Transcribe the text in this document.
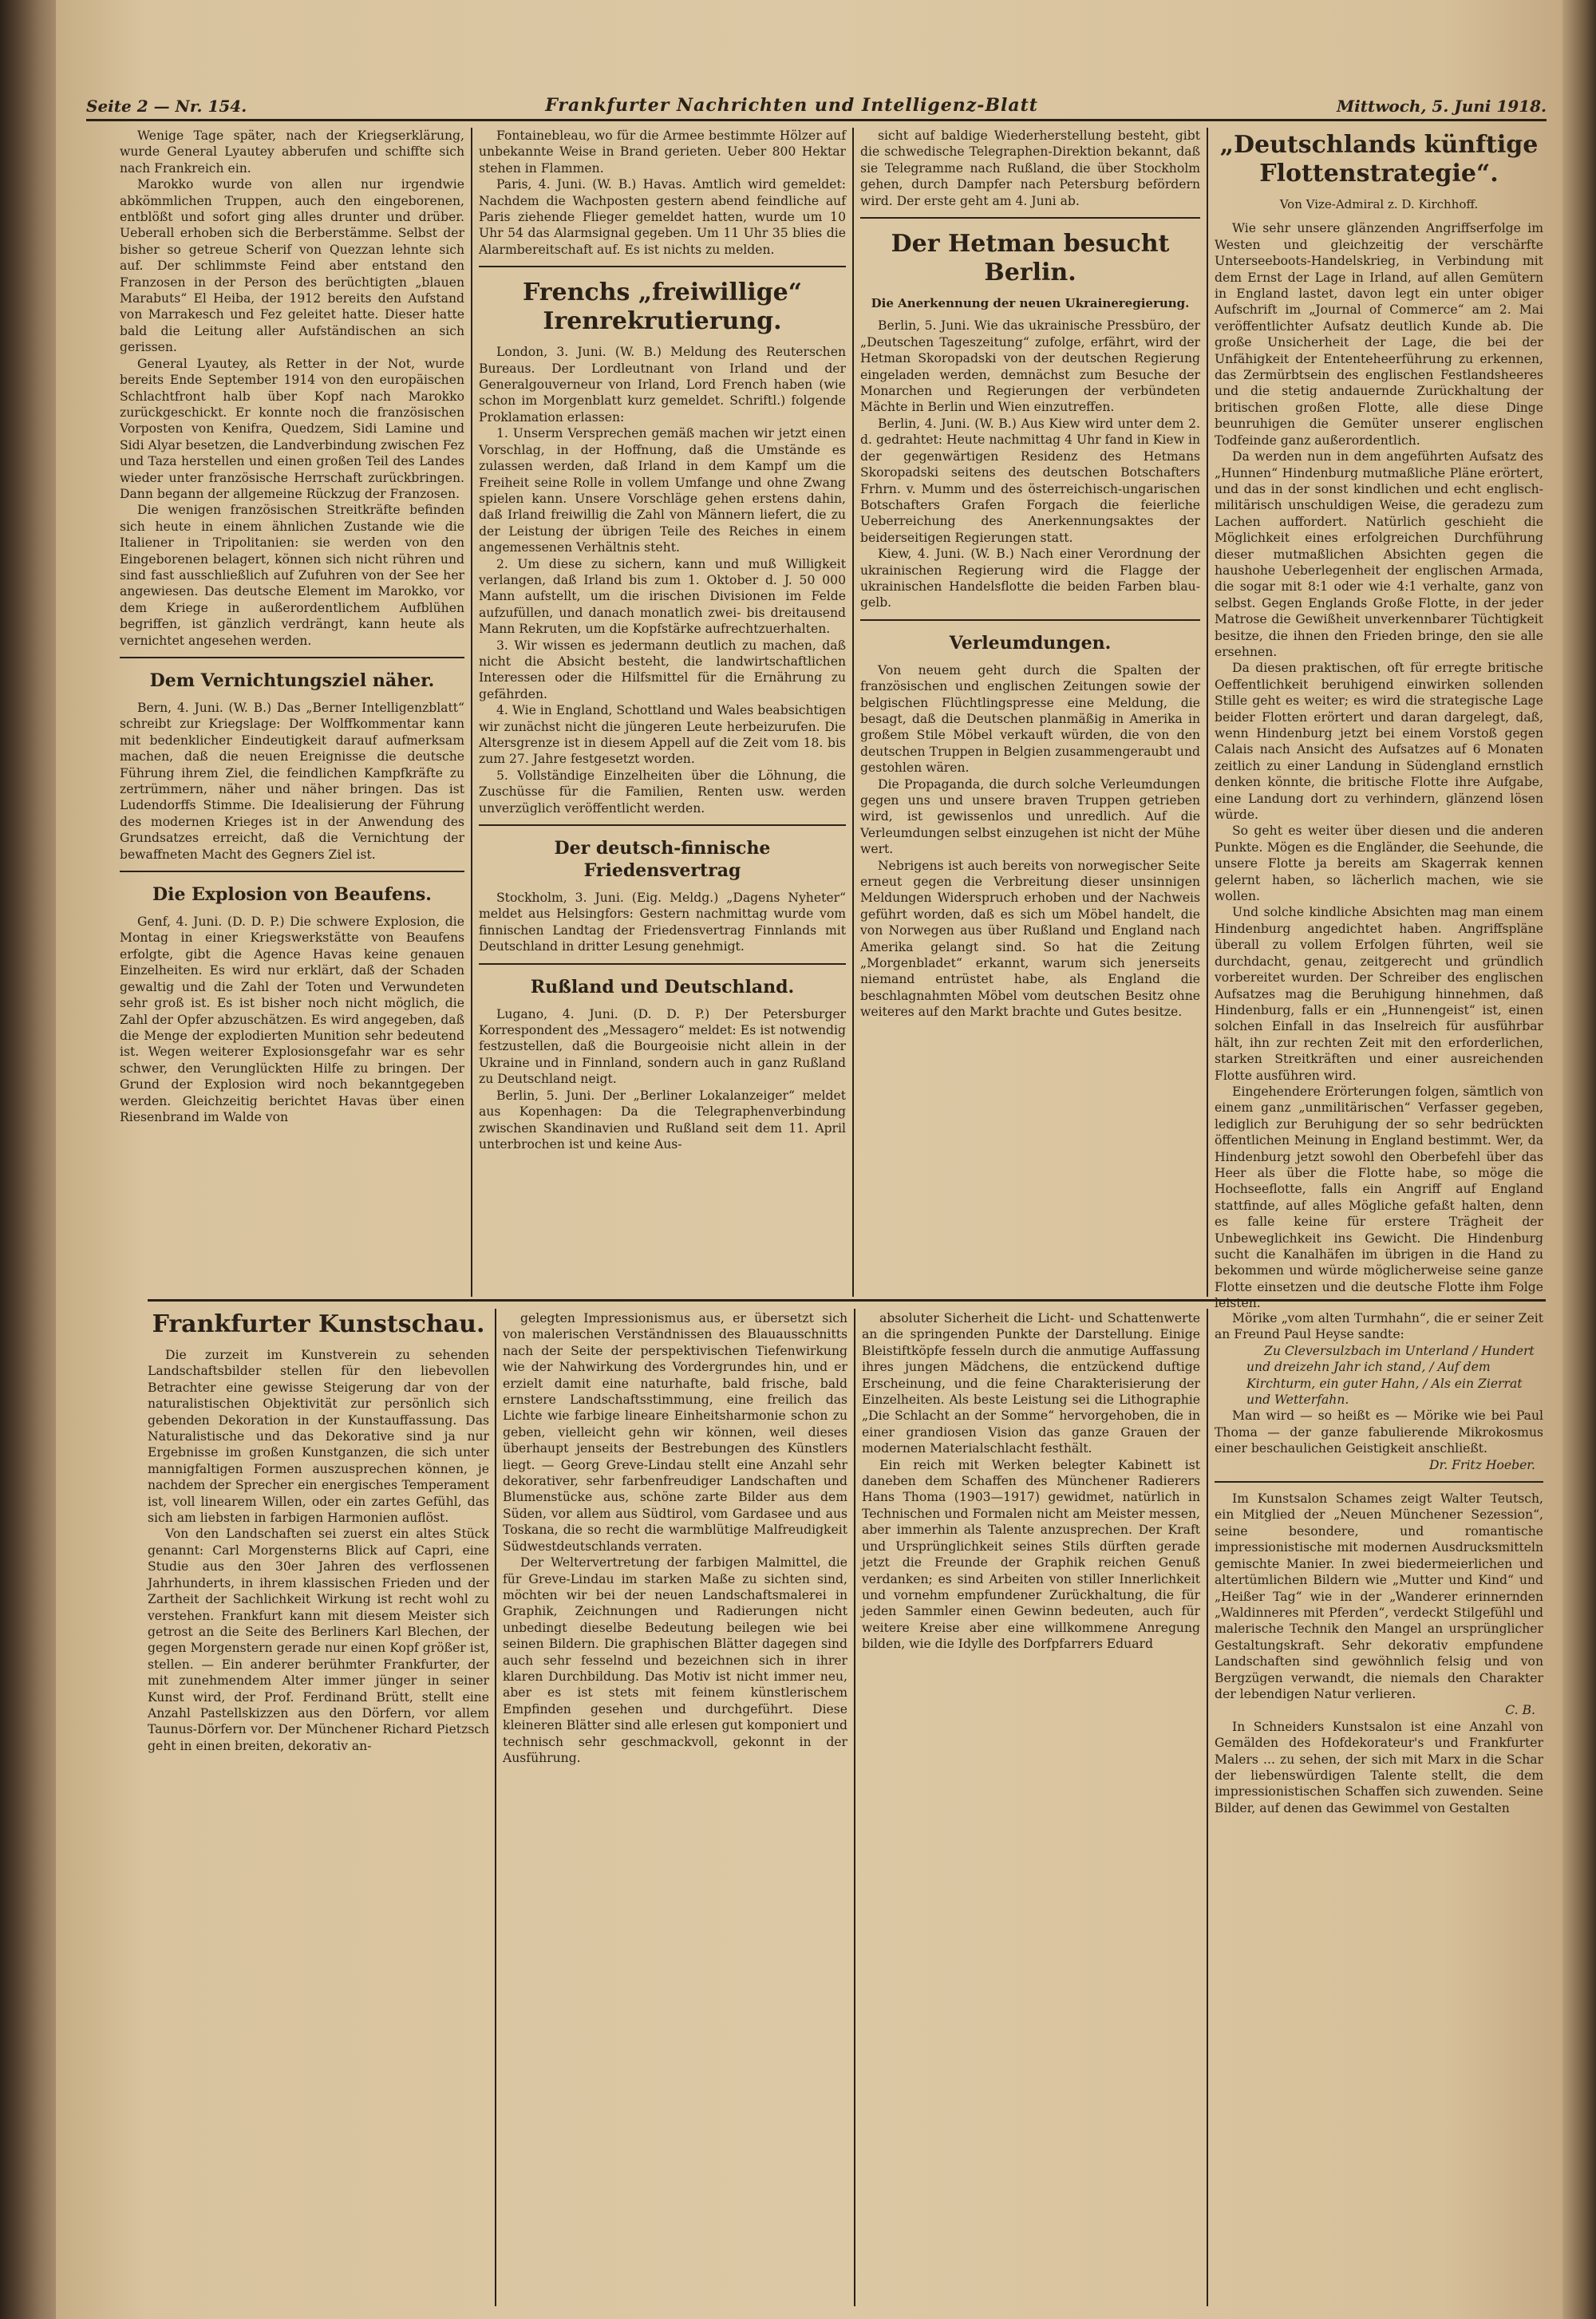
Seite 2 — Nr. 154.	Frankfurter Nachrichten und Intelligenz-Blatt	Mittwoch, 5. Juni 1918.

Wenige Tage später, nach der Kriegserklärung, wurde General Lyautey abberufen und schiffte sich nach Frankreich ein.

Marokko wurde von allen nur irgendwie abkömmlichen Truppen, auch den eingeborenen, entblößt und sofort ging alles drunter und drüber. Ueberall erhoben sich die Berberstämme. Selbst der bisher so getreue Scherif von Quezzan lehnte sich auf. Der schlimmste Feind aber entstand den Franzosen in der Person des berüchtigten „blauen Marabuts“ El Heiba, der 1912 bereits den Aufstand von Marrakesch und Fez geleitet hatte. Dieser hatte bald die Leitung aller Aufständischen an sich gerissen.

General Lyautey, als Retter in der Not, wurde bereits Ende September 1914 von den europäischen Schlachtfront halb über Kopf nach Marokko zurückgeschickt. Er konnte noch die französischen Vorposten von Kenifra, Quedzem, Sidi Lamine und Sidi Alyar besetzen, die Landverbindung zwischen Fez und Taza herstellen und einen großen Teil des Landes wieder unter französische Herrschaft zurückbringen. Dann begann der allgemeine Rückzug der Franzosen.

Die wenigen französischen Streitkräfte befinden sich heute in einem ähnlichen Zustande wie die Italiener in Tripolitanien: sie werden von den Eingeborenen belagert, können sich nicht rühren und sind fast ausschließlich auf Zufuhren von der See her angewiesen. Das deutsche Element im Marokko, vor dem Kriege in außerordentlichem Aufblühen begriffen, ist gänzlich verdrängt, kann heute als vernichtet angesehen werden.

Dem Vernichtungsziel näher.

Bern, 4. Juni. (W. B.) Das „Berner Intelligenzblatt“ schreibt zur Kriegslage: Der Wolffkommentar kann mit bedenklicher Eindeutigkeit darauf aufmerksam machen, daß die neuen Ereignisse die deutsche Führung ihrem Ziel, die feindlichen Kampfkräfte zu zertrümmern, näher und näher bringen. Das ist Ludendorffs Stimme. Die Idealisierung der Führung des modernen Krieges ist in der Anwendung des Grundsatzes erreicht, daß die Vernichtung der bewaffneten Macht des Gegners Ziel ist.

Die Explosion von Beaufens.

Genf, 4. Juni. (D. D. P.) Die schwere Explosion, die Montag in einer Kriegswerkstätte von Beaufens erfolgte, gibt die Agence Havas keine genauen Einzelheiten. Es wird nur erklärt, daß der Schaden gewaltig und die Zahl der Toten und Verwundeten sehr groß ist. Es ist bisher noch nicht möglich, die Zahl der Opfer abzuschätzen. Es wird angegeben, daß die Menge der explodierten Munition sehr bedeutend ist. Wegen weiterer Explosionsgefahr war es sehr schwer, den Verunglückten Hilfe zu bringen. Der Grund der Explosion wird noch bekanntgegeben werden. Gleichzeitig berichtet Havas über einen Riesenbrand im Walde von

Fontainebleau, wo für die Armee bestimmte Hölzer auf unbekannte Weise in Brand gerieten. Ueber 800 Hektar stehen in Flammen.

Paris, 4. Juni. (W. B.) Havas. Amtlich wird gemeldet: Nachdem die Wachposten gestern abend feindliche auf Paris ziehende Flieger gemeldet hatten, wurde um 10 Uhr 54 das Alarmsignal gegeben. Um 11 Uhr 35 blies die Alarmbereitschaft auf. Es ist nichts zu melden.

Frenchs „freiwillige“ Irenrekrutierung.

London, 3. Juni. (W. B.) Meldung des Reuterschen Bureaus. Der Lordleutnant von Irland und der Generalgouverneur von Irland, Lord French haben (wie schon im Morgenblatt kurz gemeldet. Schriftl.) folgende Proklamation erlassen:

1. Unserm Versprechen gemäß machen wir jetzt einen Vorschlag, in der Hoffnung, daß die Umstände es zulassen werden, daß Irland in dem Kampf um die Freiheit seine Rolle in vollem Umfange und ohne Zwang spielen kann. Unsere Vorschläge gehen erstens dahin, daß Irland freiwillig die Zahl von Männern liefert, die zu der Leistung der übrigen Teile des Reiches in einem angemessenen Verhältnis steht.

2. Um diese zu sichern, kann und muß Willigkeit verlangen, daß Irland bis zum 1. Oktober d. J. 50 000 Mann aufstellt, um die irischen Divisionen im Felde aufzufüllen, und danach monatlich zwei- bis dreitausend Mann Rekruten, um die Kopfstärke aufrechtzuerhalten.

3. Wir wissen es jedermann deutlich zu machen, daß nicht die Absicht besteht, die landwirtschaftlichen Interessen oder die Hilfsmittel für die Ernährung zu gefährden.

4. Wie in England, Schottland und Wales beabsichtigen wir zunächst nicht die jüngeren Leute herbeizurufen. Die Altersgrenze ist in diesem Appell auf die Zeit vom 18. bis zum 27. Jahre festgesetzt worden.

5. Vollständige Einzelheiten über die Löhnung, die Zuschüsse für die Familien, Renten usw. werden unverzüglich veröffentlicht werden.

Der deutsch-finnische Friedensvertrag

Stockholm, 3. Juni. (Eig. Meldg.) „Dagens Nyheter“ meldet aus Helsingfors: Gestern nachmittag wurde vom finnischen Landtag der Friedensvertrag Finnlands mit Deutschland in dritter Lesung genehmigt.

Rußland und Deutschland.

Lugano, 4. Juni. (D. D. P.) Der Petersburger Korrespondent des „Messagero“ meldet: Es ist notwendig festzustellen, daß die Bourgeoisie nicht allein in der Ukraine und in Finnland, sondern auch in ganz Rußland zu Deutschland neigt.

Berlin, 5. Juni. Der „Berliner Lokalanzeiger“ meldet aus Kopenhagen: Da die Telegraphenverbindung zwischen Skandinavien und Rußland seit dem 11. April unterbrochen ist und keine Aus-

sicht auf baldige Wiederherstellung besteht, gibt die schwedische Telegraphen-Direktion bekannt, daß sie Telegramme nach Rußland, die über Stockholm gehen, durch Dampfer nach Petersburg befördern wird. Der erste geht am 4. Juni ab.

Der Hetman besucht Berlin.
Die Anerkennung der neuen Ukraineregierung.

Berlin, 5. Juni. Wie das ukrainische Pressbüro, der „Deutschen Tageszeitung“ zufolge, erfährt, wird der Hetman Skoropadski von der deutschen Regierung eingeladen werden, demnächst zum Besuche der Monarchen und Regierungen der verbündeten Mächte in Berlin und Wien einzutreffen.

Berlin, 4. Juni. (W. B.) Aus Kiew wird unter dem 2. d. gedrahtet: Heute nachmittag 4 Uhr fand in Kiew in der gegenwärtigen Residenz des Hetmans Skoropadski seitens des deutschen Botschafters Frhrn. v. Mumm und des österreichisch-ungarischen Botschafters Grafen Forgach die feierliche Ueberreichung des Anerkennungsaktes der beiderseitigen Regierungen statt.

Kiew, 4. Juni. (W. B.) Nach einer Verordnung der ukrainischen Regierung wird die Flagge der ukrainischen Handelsflotte die beiden Farben blau-gelb.

Verleumdungen.

Von neuem geht durch die Spalten der französischen und englischen Zeitungen sowie der belgischen Flüchtlingspresse eine Meldung, die besagt, daß die Deutschen planmäßig in Amerika in großem Stile Möbel verkauft würden, die von den deutschen Truppen in Belgien zusammengeraubt und gestohlen wären.

Die Propaganda, die durch solche Verleumdungen gegen uns und unsere braven Truppen getrieben wird, ist gewissenlos und unredlich. Auf die Verleumdungen selbst einzugehen ist nicht der Mühe wert.

Nebrigens ist auch bereits von norwegischer Seite erneut gegen die Verbreitung dieser unsinnigen Meldungen Widerspruch erhoben und der Nachweis geführt worden, daß es sich um Möbel handelt, die von Norwegen aus über Rußland und England nach Amerika gelangt sind. So hat die Zeitung „Morgenbladet“ erkannt, warum sich jenerseits niemand entrüstet habe, als England die beschlagnahmten Möbel vom deutschen Besitz ohne weiteres auf den Markt brachte und Gutes besitze.

„Deutschlands künftige Flottenstrategie“.
Von Vize-Admiral z. D. Kirchhoff.

Wie sehr unsere glänzenden Angriffserfolge im Westen und gleichzeitig der verschärfte Unterseeboots-Handelskrieg, in Verbindung mit dem Ernst der Lage in Irland, auf allen Gemütern in England lastet, davon legt ein unter obiger Aufschrift im „Journal of Commerce“ am 2. Mai veröffentlichter Aufsatz deutlich Kunde ab. Die große Unsicherheit der Lage, die bei der Unfähigkeit der Ententeheerführung zu erkennen, das Zermürbtsein des englischen Festlandsheeres und die stetig andauernde Zurückhaltung der britischen großen Flotte, alle diese Dinge beunruhigen die Gemüter unserer englischen Todfeinde ganz außerordentlich.

Da werden nun in dem angeführten Aufsatz des „Hunnen“ Hindenburg mutmaßliche Pläne erörtert, und das in der sonst kindlichen und echt englisch-militärisch unschuldigen Weise, die geradezu zum Lachen auffordert. Natürlich geschieht die Möglichkeit eines erfolgreichen Durchführung dieser mutmaßlichen Absichten gegen die haushohe Ueberlegenheit der englischen Armada, die sogar mit 8:1 oder wie 4:1 verhalte, ganz von selbst. Gegen Englands Große Flotte, in der jeder Matrose die Gewißheit unverkennbarer Tüchtigkeit besitze, die ihnen den Frieden bringe, den sie alle ersehnen.

Da diesen praktischen, oft für erregte britische Oeffentlichkeit beruhigend einwirken sollenden Stille geht es weiter; es wird die strategische Lage beider Flotten erörtert und daran dargelegt, daß, wenn Hindenburg jetzt bei einem Vorstoß gegen Calais nach Ansicht des Aufsatzes auf 6 Monaten zeitlich zu einer Landung in Südengland ernstlich denken könnte, die britische Flotte ihre Aufgabe, eine Landung dort zu verhindern, glänzend lösen würde.

So geht es weiter über diesen und die anderen Punkte. Mögen es die Engländer, die Seehunde, die unsere Flotte ja bereits am Skagerrak kennen gelernt haben, so lächerlich machen, wie sie wollen.

Und solche kindliche Absichten mag man einem Hindenburg angedichtet haben. Angriffspläne überall zu vollem Erfolgen führten, weil sie durchdacht, genau, zeitgerecht und gründlich vorbereitet wurden. Der Schreiber des englischen Aufsatzes mag die Beruhigung hinnehmen, daß Hindenburg, falls er ein „Hunnengeist“ ist, einen solchen Einfall in das Inselreich für ausführbar hält, ihn zur rechten Zeit mit den erforderlichen, starken Streitkräften und einer ausreichenden Flotte ausführen wird.

Eingehendere Erörterungen folgen, sämtlich von einem ganz „unmilitärischen“ Verfasser gegeben, lediglich zur Beruhigung der so sehr bedrückten öffentlichen Meinung in England bestimmt. Wer, da Hindenburg jetzt sowohl den Oberbefehl über das Heer als über die Flotte habe, so möge die Hochseeflotte, falls ein Angriff auf England stattfinde, auf alles Mögliche gefaßt halten, denn es falle keine für erstere Trägheit der Unbeweglichkeit ins Gewicht. Die Hindenburg sucht die Kanalhäfen im übrigen in die Hand zu bekommen und würde möglicherweise seine ganze Flotte einsetzen und die deutsche Flotte ihm Folge leisten.

Frankfurter Kunstschau.

Die zurzeit im Kunstverein zu sehenden Landschaftsbilder stellen für den liebevollen Betrachter eine gewisse Steigerung dar von der naturalistischen Objektivität zur persönlich sich gebenden Dekoration in der Kunstauffassung. Das Naturalistische und das Dekorative sind ja nur Ergebnisse im großen Kunstganzen, die sich unter mannigfaltigen Formen auszusprechen können, je nachdem der Sprecher ein energisches Temperament ist, voll linearem Willen, oder ein zartes Gefühl, das sich am liebsten in farbigen Harmonien auflöst.

Von den Landschaften sei zuerst ein altes Stück genannt: Carl Morgensterns Blick auf Capri, eine Studie aus den 30er Jahren des verflossenen Jahrhunderts, in ihrem klassischen Frieden und der Zartheit der Sachlichkeit Wirkung ist recht wohl zu verstehen. Frankfurt kann mit diesem Meister sich getrost an die Seite des Berliners Karl Blechen, der gegen Morgenstern gerade nur einen Kopf größer ist, stellen. — Ein anderer berühmter Frankfurter, der mit zunehmendem Alter immer jünger in seiner Kunst wird, der Prof. Ferdinand Brütt, stellt eine Anzahl Pastellskizzen aus den Dörfern, vor allem Taunus-Dörfern vor. Der Münchener Richard Pietzsch geht in einen breiten, dekorativ an-

gelegten Impressionismus aus, er übersetzt sich von malerischen Verständnissen des Blauausschnitts nach der Seite der perspektivischen Tiefenwirkung wie der Nahwirkung des Vordergrundes hin, und er erzielt damit eine naturhafte, bald frische, bald ernstere Landschaftsstimmung, eine freilich das Lichte wie farbige lineare Einheitsharmonie schon zu geben, vielleicht gehn wir können, weil dieses überhaupt jenseits der Bestrebungen des Künstlers liegt. — Georg Greve-Lindau stellt eine Anzahl sehr dekorativer, sehr farbenfreudiger Landschaften und Blumenstücke aus, schöne zarte Bilder aus dem Süden, vor allem aus Südtirol, vom Gardasee und aus Toskana, die so recht die warmblütige Malfreudigkeit Südwestdeutschlands verraten.

Der Weltervertretung der farbigen Malmittel, die für Greve-Lindau im starken Maße zu sichten sind, möchten wir bei der neuen Landschaftsmalerei in Graphik, Zeichnungen und Radierungen nicht unbedingt dieselbe Bedeutung beilegen wie bei seinen Bildern. Die graphischen Blätter dagegen sind auch sehr fesselnd und bezeichnen sich in ihrer klaren Durchbildung. Das Motiv ist nicht immer neu, aber es ist stets mit feinem künstlerischem Empfinden gesehen und durchgeführt. Diese kleineren Blätter sind alle erlesen gut komponiert und technisch sehr geschmackvoll, gekonnt in der Ausführung.

absoluter Sicherheit die Licht- und Schattenwerte an die springenden Punkte der Darstellung. Einige Bleistiftköpfe fesseln durch die anmutige Auffassung ihres jungen Mädchens, die entzückend duftige Erscheinung, und die feine Charakterisierung der Einzelheiten. Als beste Leistung sei die Lithographie „Die Schlacht an der Somme“ hervorgehoben, die in einer grandiosen Vision das ganze Grauen der modernen Materialschlacht festhält.

Ein reich mit Werken belegter Kabinett ist daneben dem Schaffen des Münchener Radierers Hans Thoma (1903—1917) gewidmet, natürlich in Technischen und Formalen nicht am Meister messen, aber immerhin als Talente anzusprechen. Der Kraft und Ursprünglichkeit seines Stils dürften gerade jetzt die Freunde der Graphik reichen Genuß verdanken; es sind Arbeiten von stiller Innerlichkeit und vornehm empfundener Zurückhaltung, die für jeden Sammler einen Gewinn bedeuten, auch für weitere Kreise aber eine willkommene Anregung bilden, wie die Idylle des Dorfpfarrers Eduard

Mörike „vom alten Turmhahn“, die er seiner Zeit an Freund Paul Heyse sandte:

Zu Cleversulzbach im Unterland / Hundert und dreizehn Jahr ich stand, / Auf dem Kirchturm, ein guter Hahn, / Als ein Zierrat und Wetterfahn.

Man wird — so heißt es — Mörike wie bei Paul Thoma — der ganze fabulierende Mikrokosmus einer beschaulichen Geistigkeit anschließt.

Dr. Fritz Hoeber.

Im Kunstsalon Schames zeigt Walter Teutsch, ein Mitglied der „Neuen Münchener Sezession“, seine besondere, und romantische impressionistische mit modernen Ausdrucksmitteln gemischte Manier. In zwei biedermeierlichen und altertümlichen Bildern wie „Mutter und Kind“ und „Heißer Tag“ wie in der „Wanderer erinnernden „Waldinneres mit Pferden“, verdeckt Stilgefühl und malerische Technik den Mangel an ursprünglicher Gestaltungskraft. Sehr dekorativ empfundene Landschaften sind gewöhnlich felsig und von Bergzügen verwandt, die niemals den Charakter der lebendigen Natur verlieren.

C. B.

In Schneiders Kunstsalon ist eine Anzahl von Gemälden des Hofdekorateur's und Frankfurter Malers ... zu sehen, der sich mit Marx in die Schar der liebenswürdigen Talente stellt, die dem impressionistischen Schaffen sich zuwenden. Seine Bilder, auf denen das Gewimmel von Gestalten
